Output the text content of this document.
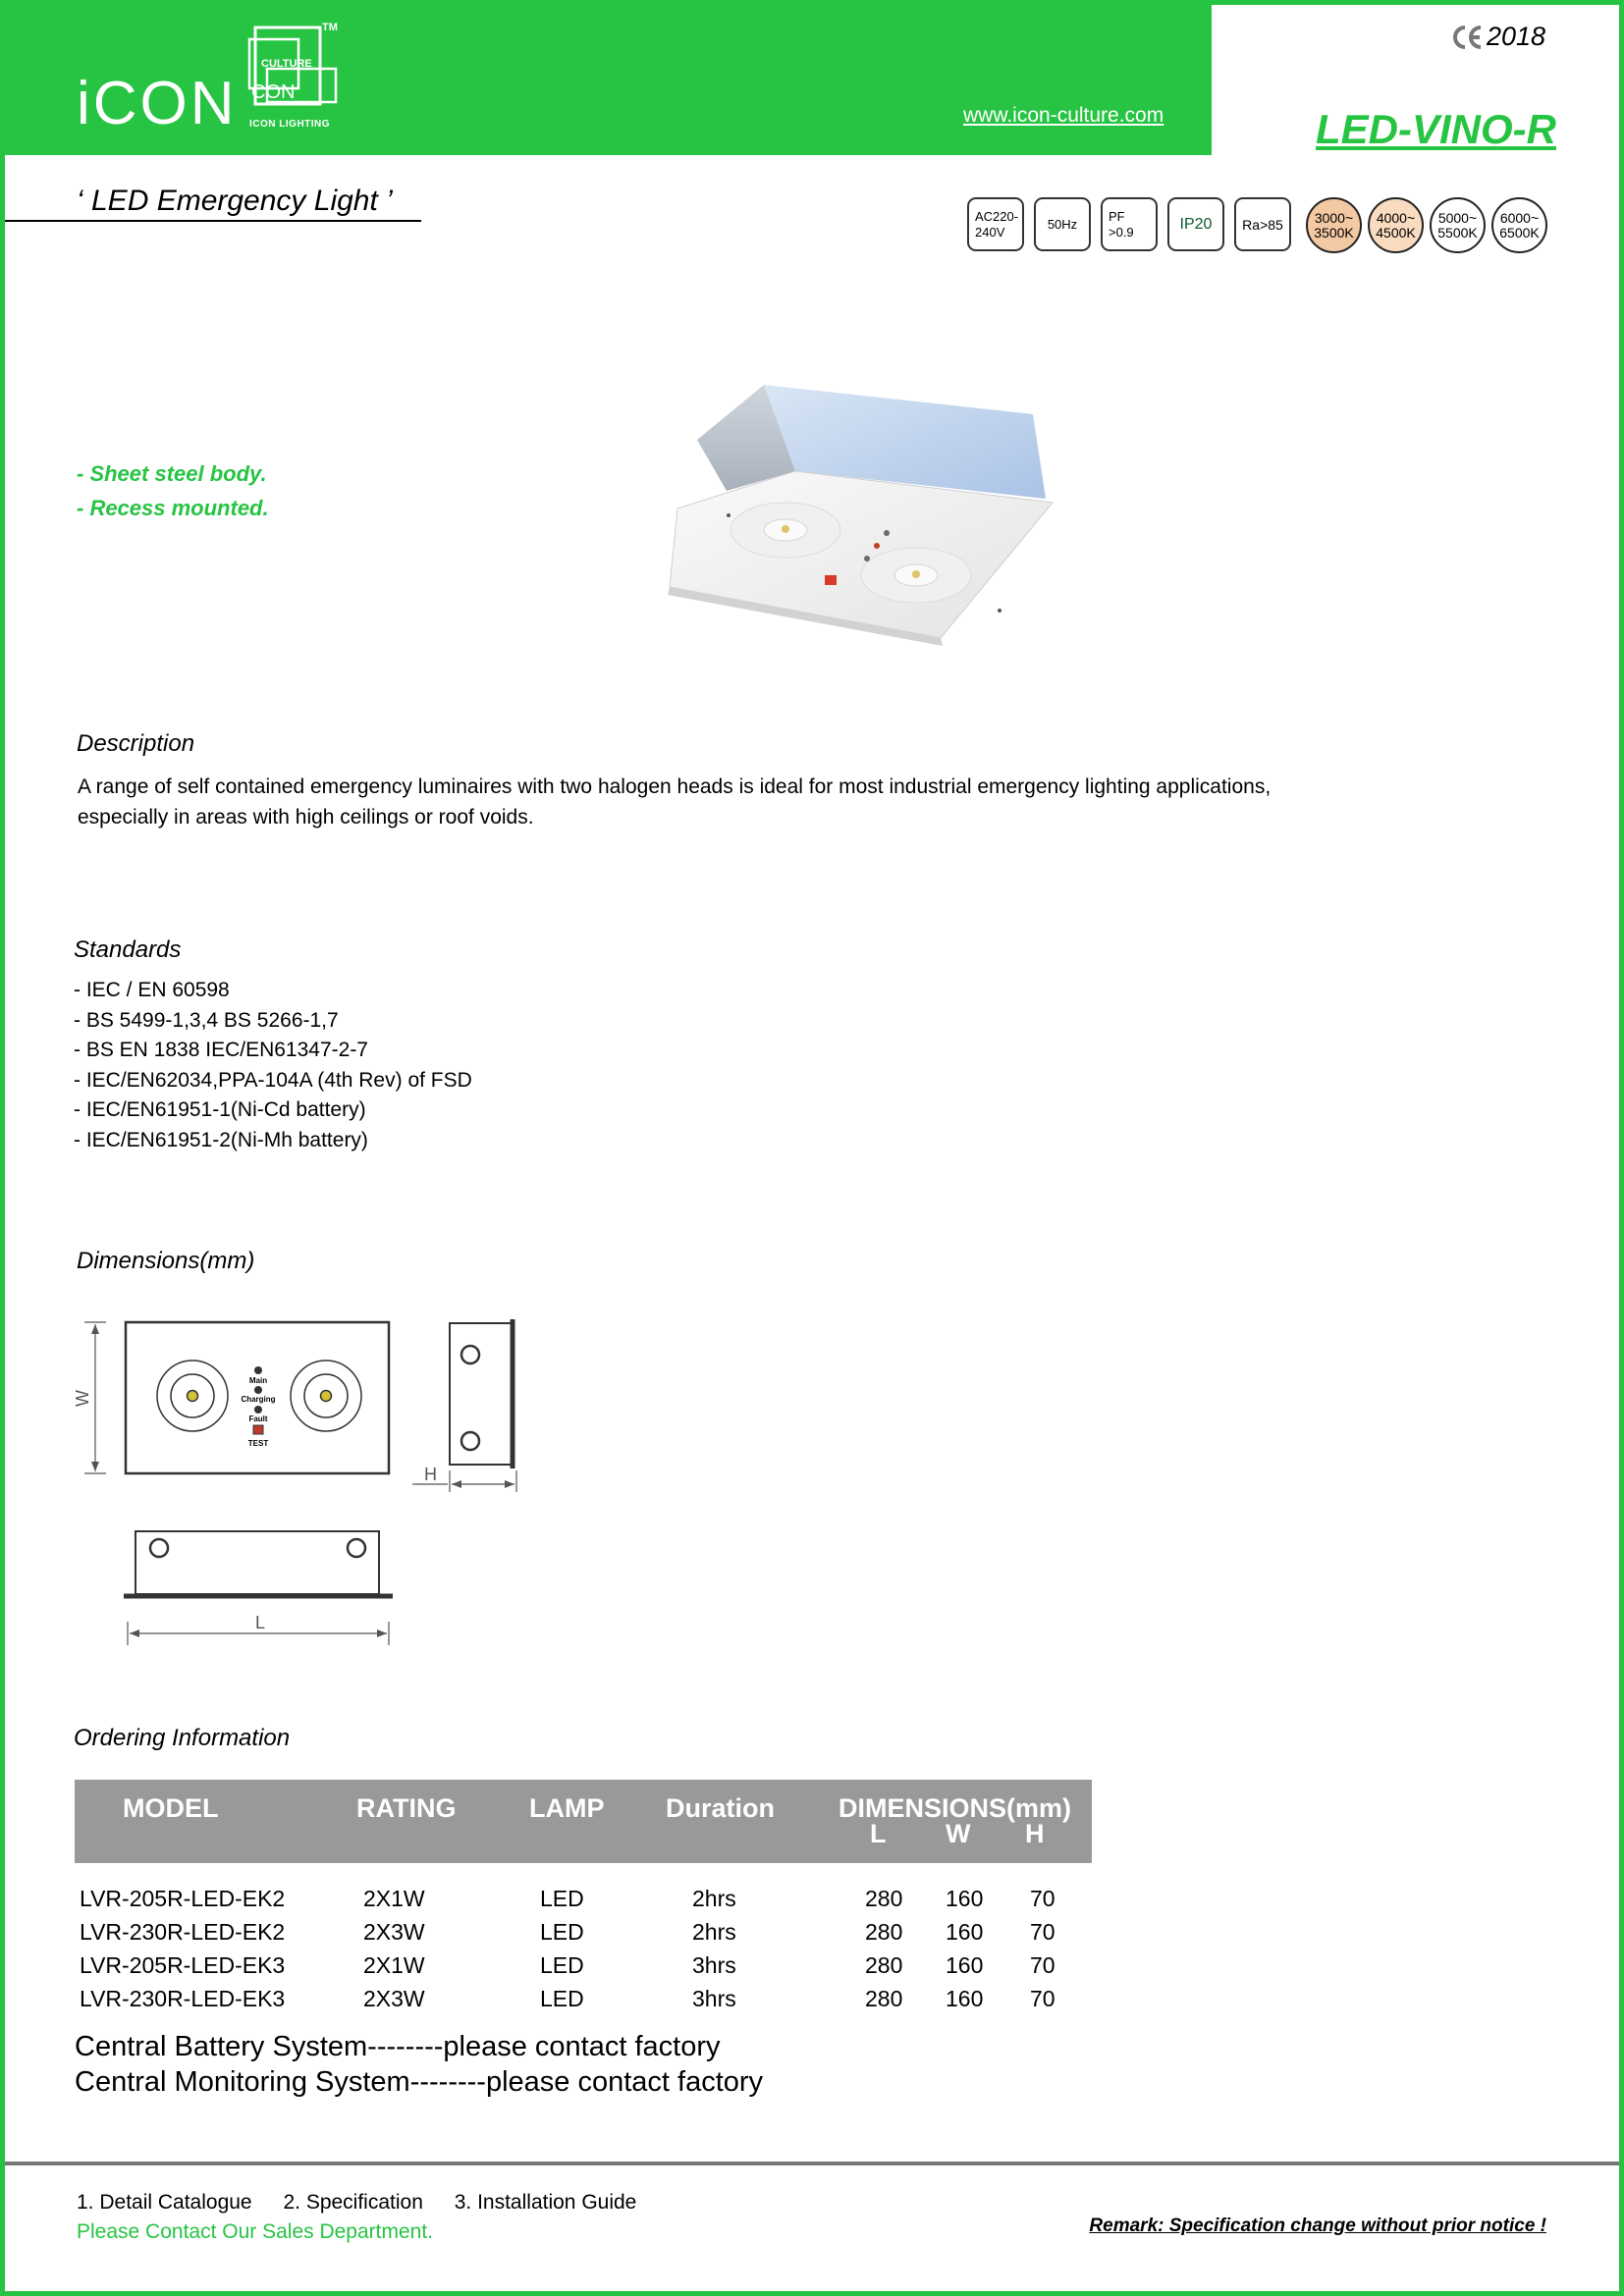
iCON
CULTURE
CON
TM
ICON LIGHTING	www.icon-culture.com
2018
LED-VINO-R
‘ LED Emergency Light ’	AC220-
240V
50Hz
PF
>0.9	IP20 Ra>85 3000~
3500K
4000~
4500K
5000~
5500K
6000~
6500K
- Sheet steel body.
- Recess mounted.
Description
A range of self contained emergency luminaires with two halogen heads is ideal for most industrial emergency lighting applications,
especially in areas with high ceilings or roof voids.
Standards
- IEC / EN 60598
- BS 5499-1,3,4 BS 5266-1,7
- BS EN 1838 IEC/EN61347-2-7
- IEC/EN62034,PPA-104A (4th Rev) of FSD
- IEC/EN61951-1(Ni-Cd battery)
- IEC/EN61951-2(Ni-Mh battery)
Dimensions(mm)
Main
Charging
Fault
TEST
W
H
L
Ordering Information
MODEL	RATING	LAMP Duration DIMENSIONS(mm)
L W H
LVR-205R-LED-EK2	2X1W	LED	2hrs	280 160 70
LVR-230R-LED-EK2	2X3W	LED	2hrs	280 160 70
LVR-205R-LED-EK3	2X1W	LED	3hrs	280 160 70
LVR-230R-LED-EK3	2X3W	LED	3hrs	280 160 70
Central Battery System--------please contact factory
Central Monitoring System--------please contact factory
1. Detail Catalogue 2. Specification 3. Installation Guide
Please Contact Our Sales Department.	Remark: Specification change without prior notice !
